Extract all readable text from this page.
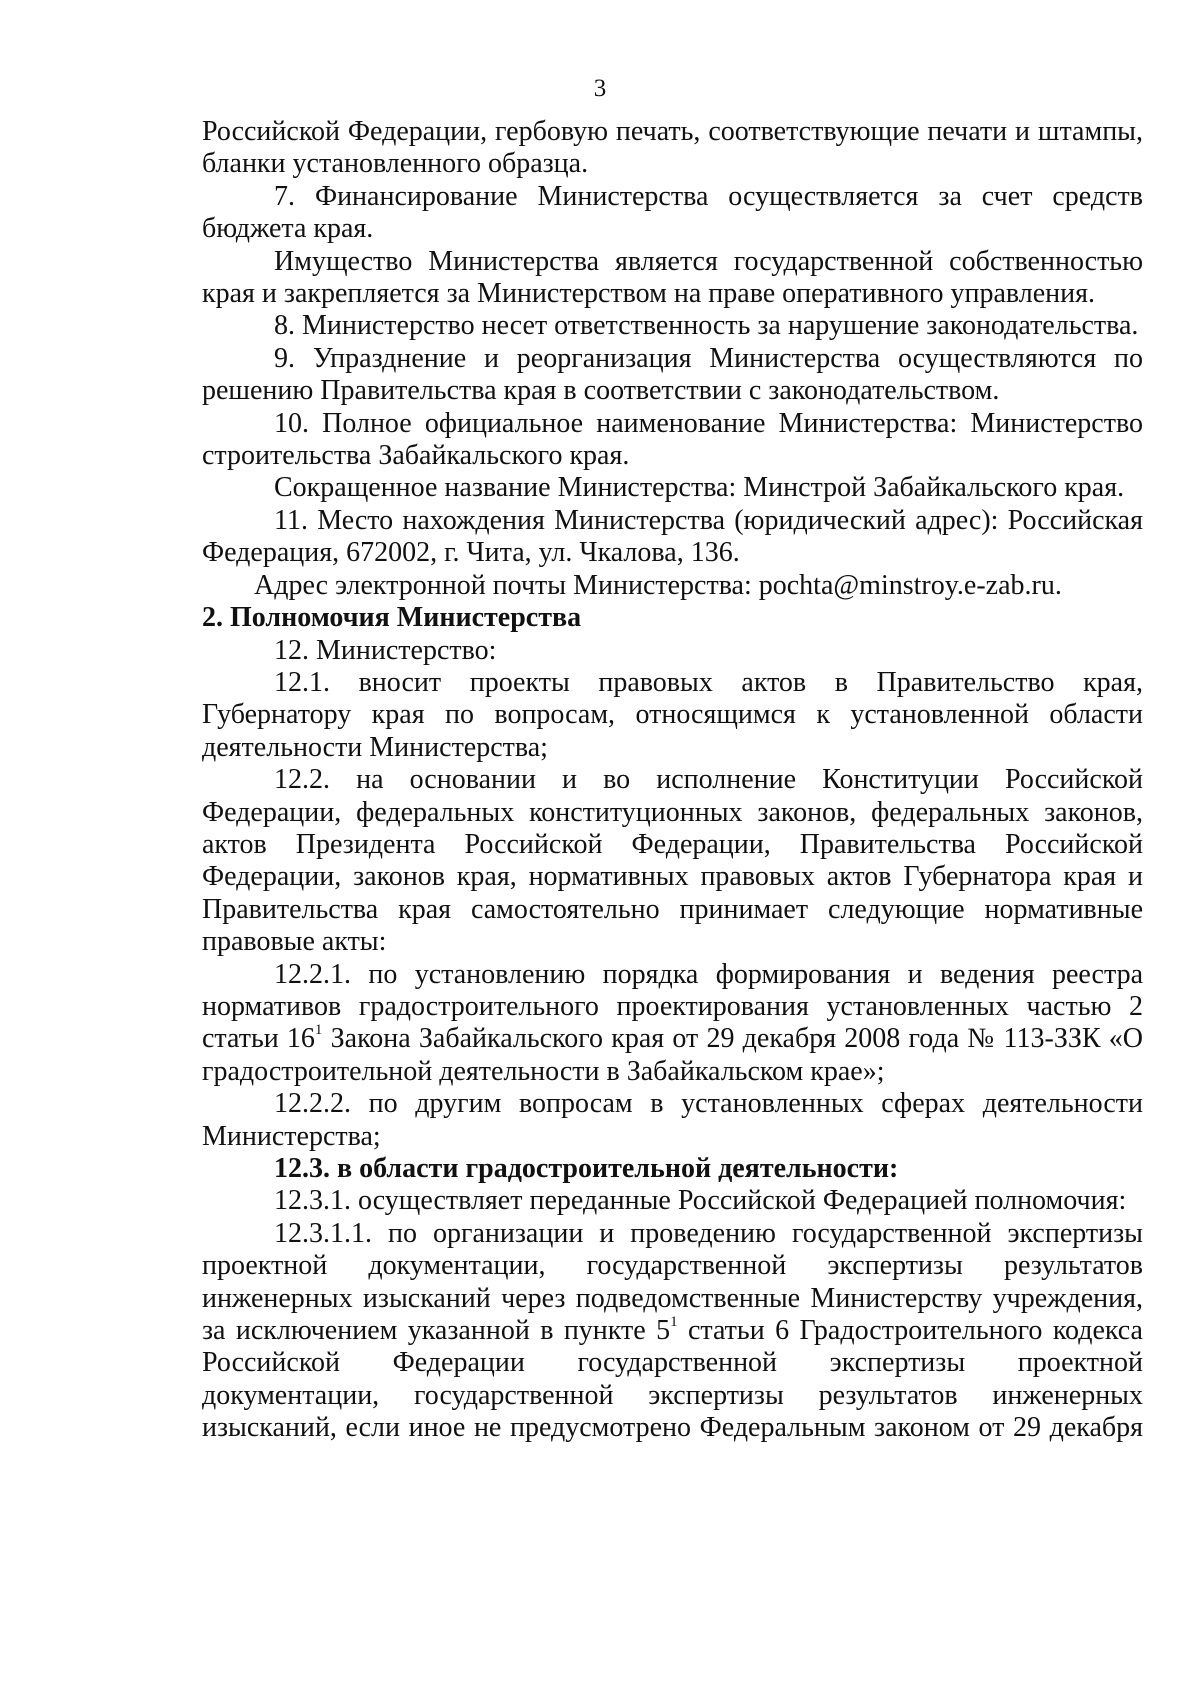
3

Российской Федерации, гербовую печать, соответствующие печати и штампы, бланки установленного образца.

7. Финансирование Министерства осуществляется за счет средств бюджета края.

Имущество Министерства является государственной собственностью края и закрепляется за Министерством на праве оперативного управления.

8. Министерство несет ответственность за нарушение законодательства.

9. Упразднение и реорганизация Министерства осуществляются по решению Правительства края в соответствии с законодательством.

10. Полное официальное наименование Министерства: Министерство строительства Забайкальского края.

Сокращенное название Министерства: Минстрой Забайкальского края.

11. Место нахождения Министерства (юридический адрес): Российская Федерация, 672002, г. Чита, ул. Чкалова, 136.

Адрес электронной почты Министерства: pochta@minstroy.e-zab.ru.

2. Полномочия Министерства

12. Министерство:

12.1. вносит проекты правовых актов в Правительство края, Губернатору края по вопросам, относящимся к установленной области деятельности Министерства;

12.2. на основании и во исполнение Конституции Российской Федерации, федеральных конституционных законов, федеральных законов, актов Президента Российской Федерации, Правительства Российской Федерации, законов края, нормативных правовых актов Губернатора края и Правительства края самостоятельно принимает следующие нормативные правовые акты:

12.2.1. по установлению порядка формирования и ведения реестра нормативов градостроительного проектирования установленных частью 2 статьи $16^1$ Закона Забайкальского края от 29 декабря 2008 года № 113-ЗЗК «О градостроительной деятельности в Забайкальском крае»;

12.2.2. по другим вопросам в установленных сферах деятельности Министерства;

12.3. в области градостроительной деятельности:

12.3.1. осуществляет переданные Российской Федерацией полномочия:

12.3.1.1. по организации и проведению государственной экспертизы проектной документации, государственной экспертизы результатов инженерных изысканий через подведомственные Министерству учреждения, за исключением указанной в пункте $5^1$ статьи 6 Градостроительного кодекса Российской Федерации государственной экспертизы проектной документации, государственной экспертизы результатов инженерных изысканий, если иное не предусмотрено Федеральным законом от 29 декабря
